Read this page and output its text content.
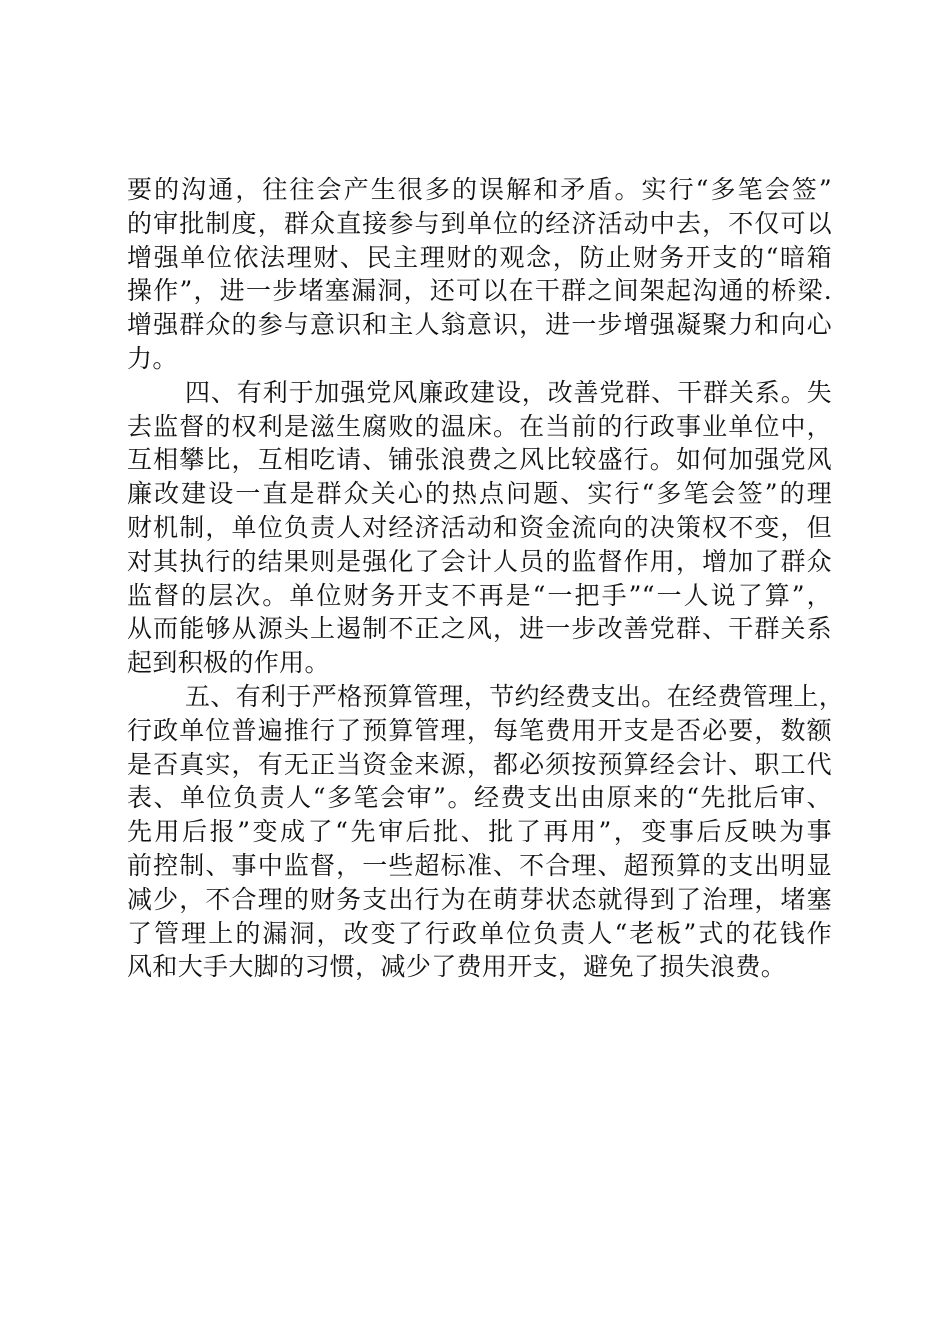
要的沟通，往往会产生很多的误解和矛盾。实行“多笔会签”
的审批制度，群众直接参与到单位的经济活动中去，不仅可以
增强单位依法理财、民主理财的观念，防止财务开支的“暗箱
操作”，进一步堵塞漏洞，还可以在干群之间架起沟通的桥梁.
增强群众的参与意识和主人翁意识，进一步增强凝聚力和向心
力。
四、有利于加强党风廉政建设，改善党群、干群关系。失
去监督的权利是滋生腐败的温床。在当前的行政事业单位中，
互相攀比，互相吃请、铺张浪费之风比较盛行。如何加强党风
廉改建设一直是群众关心的热点问题、实行“多笔会签”的理
财机制，单位负责人对经济活动和资金流向的决策权不变，但
对其执行的结果则是强化了会计人员的监督作用，增加了群众
监督的层次。单位财务开支不再是“一把手”“一人说了算”，
从而能够从源头上遏制不正之风，进一步改善党群、干群关系
起到积极的作用。
五、有利于严格预算管理，节约经费支出。在经费管理上，
行政单位普遍推行了预算管理，每笔费用开支是否必要，数额
是否真实，有无正当资金来源，都必须按预算经会计、职工代
表、单位负责人“多笔会审”。经费支出由原来的“先批后审、
先用后报”变成了“先审后批、批了再用”，变事后反映为事
前控制、事中监督，一些超标准、不合理、超预算的支出明显
减少，不合理的财务支出行为在萌芽状态就得到了治理，堵塞
了管理上的漏洞，改变了行政单位负责人“老板”式的花钱作
风和大手大脚的习惯，减少了费用开支，避免了损失浪费。
